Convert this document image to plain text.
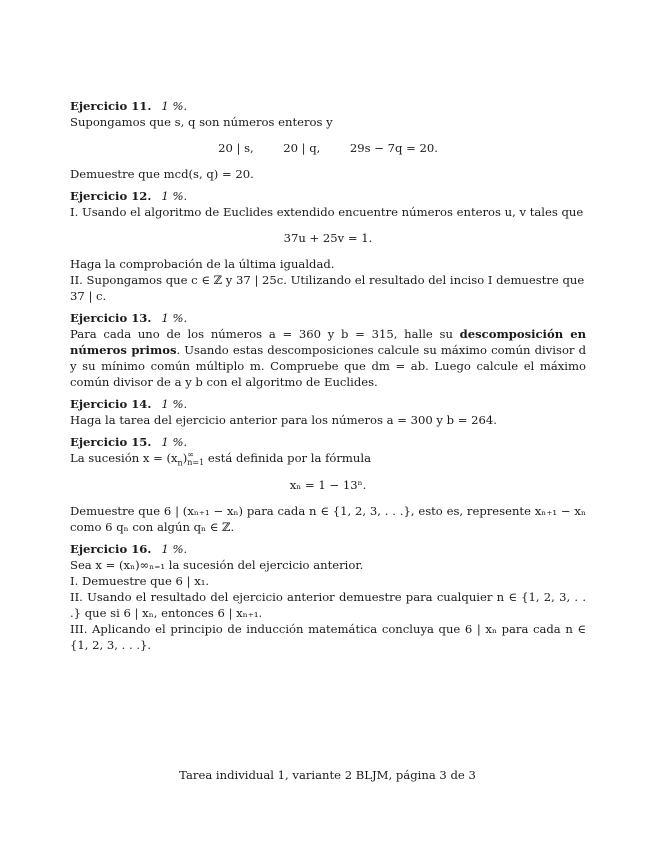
Ejercicio 11. 1 %.
Supongamos que s, q son números enteros y
20 | s,        20 | q,        29s − 7q = 20.
Demuestre que mcd(s, q) = 20.
Ejercicio 12. 1 %.
I. Usando el algoritmo de Euclides extendido encuentre números enteros u, v tales que
37u + 25v = 1.
Haga la comprobación de la última igualdad.
II. Supongamos que c ∈ ℤ y 37 | 25c. Utilizando el resultado del inciso I demuestre que 37 | c.
Ejercicio 13. 1 %.
Para cada uno de los números a = 360 y b = 315, halle su descomposición en números primos. Usando estas descomposiciones calcule su máximo común divisor d y su mínimo común múltiplo m. Compruebe que dm = ab. Luego calcule el máximo común divisor de a y b con el algoritmo de Euclides.
Ejercicio 14. 1 %.
Haga la tarea del ejercicio anterior para los números a = 300 y b = 264.
Ejercicio 15. 1 %.
La sucesión $x = (x_n)$ ∞
n=1 está definida por la fórmula
xₙ = 1 − 13ⁿ.
Demuestre que 6 | (xₙ₊₁ − xₙ) para cada n ∈ {1, 2, 3, . . .}, esto es, represente xₙ₊₁ − xₙ como 6 qₙ con algún qₙ ∈ ℤ.
Ejercicio 16. 1 %.
Sea x = (xₙ)∞ₙ₌₁ la sucesión del ejercicio anterior.
I. Demuestre que 6 | x₁.
II. Usando el resultado del ejercicio anterior demuestre para cualquier n ∈ {1, 2, 3, . . .} que si 6 | xₙ, entonces 6 | xₙ₊₁.
III. Aplicando el principio de inducción matemática concluya que 6 | xₙ para cada n ∈ {1, 2, 3, . . .}.
Tarea individual 1, variante 2 BLJM, página 3 de 3
